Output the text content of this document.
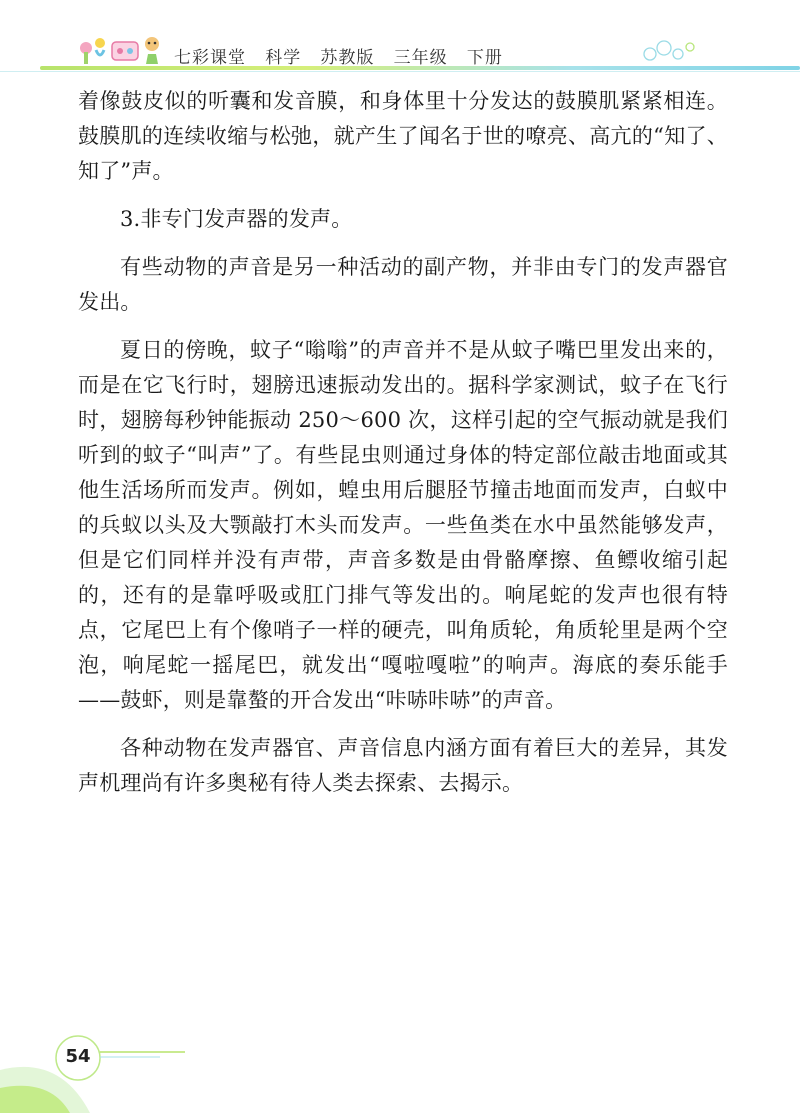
七彩课堂   科学   苏教版   三年级   下册

着像鼓皮似的听囊和发音膜，和身体里十分发达的鼓膜肌紧紧相连。鼓膜肌的连续收缩与松弛，就产生了闻名于世的嘹亮、高亢的“知了、知了”声。

3.非专门发声器的发声。

有些动物的声音是另一种活动的副产物，并非由专门的发声器官发出。

夏日的傍晚，蚊子“嗡嗡”的声音并不是从蚊子嘴巴里发出来的，而是在它飞行时，翅膀迅速振动发出的。据科学家测试，蚊子在飞行时，翅膀每秒钟能振动 250～600 次，这样引起的空气振动就是我们听到的蚊子“叫声”了。有些昆虫则通过身体的特定部位敲击地面或其他生活场所而发声。例如，蝗虫用后腿胫节撞击地面而发声，白蚁中的兵蚁以头及大颚敲打木头而发声。一些鱼类在水中虽然能够发声，但是它们同样并没有声带，声音多数是由骨骼摩擦、鱼鳔收缩引起的，还有的是靠呼吸或肛门排气等发出的。响尾蛇的发声也很有特点，它尾巴上有个像哨子一样的硬壳，叫角质轮，角质轮里是两个空泡，响尾蛇一摇尾巴，就发出“嘎啦嘎啦”的响声。海底的奏乐能手——鼓虾，则是靠螯的开合发出“咔哧咔哧”的声音。

各种动物在发声器官、声音信息内涵方面有着巨大的差异，其发声机理尚有许多奥秘有待人类去探索、去揭示。

54
